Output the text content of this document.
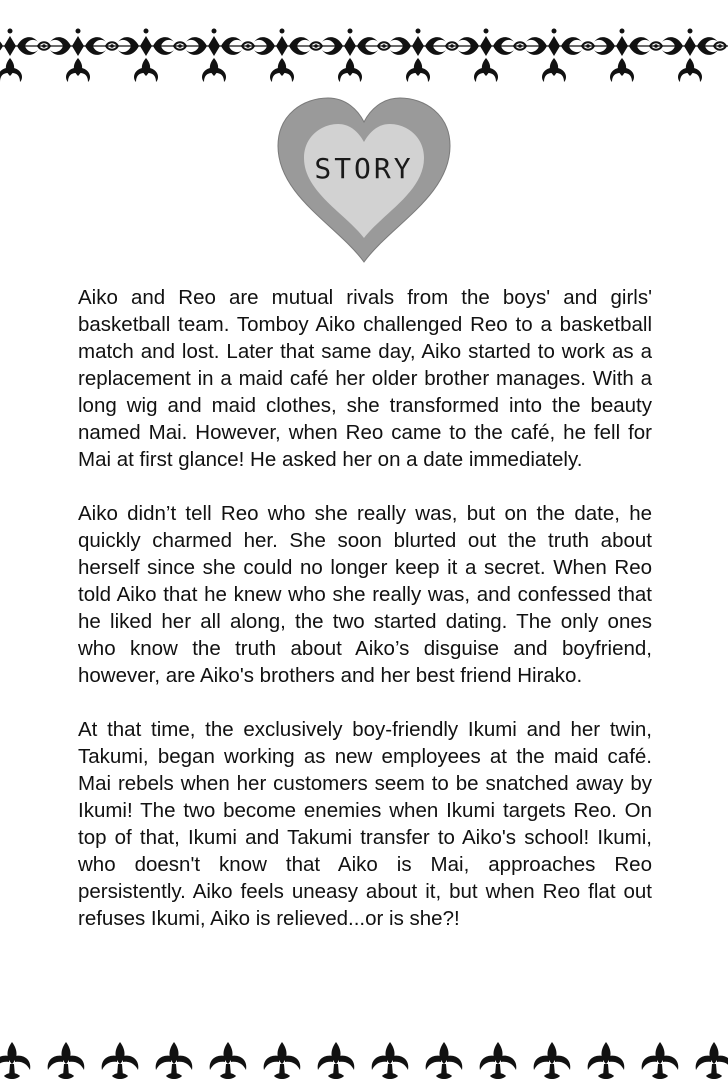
STORY

Aiko and Reo are mutual rivals from the boys' and girls' basketball team. Tomboy Aiko challenged Reo to a basketball match and lost. Later that same day, Aiko started to work as a replacement in a maid café her older brother manages. With a long wig and maid clothes, she transformed into the beauty named Mai. However, when Reo came to the café, he fell for Mai at first glance! He asked her on a date immediately.

Aiko didn’t tell Reo who she really was, but on the date, he quickly charmed her. She soon blurted out the truth about herself since she could no longer keep it a secret. When Reo told Aiko that he knew who she really was, and confessed that he liked her all along, the two started dating. The only ones who know the truth about Aiko’s disguise and boyfriend, however, are Aiko's brothers and her best friend Hirako.

At that time, the exclusively boy-friendly Ikumi and her twin, Takumi, began working as new employees at the maid café. Mai rebels when her customers seem to be snatched away by Ikumi! The two become enemies when Ikumi targets Reo. On top of that, Ikumi and Takumi transfer to Aiko's school! Ikumi, who doesn't know that Aiko is Mai, approaches Reo persistently. Aiko feels uneasy about it, but when Reo flat out refuses Ikumi, Aiko is relieved...or is she?!
